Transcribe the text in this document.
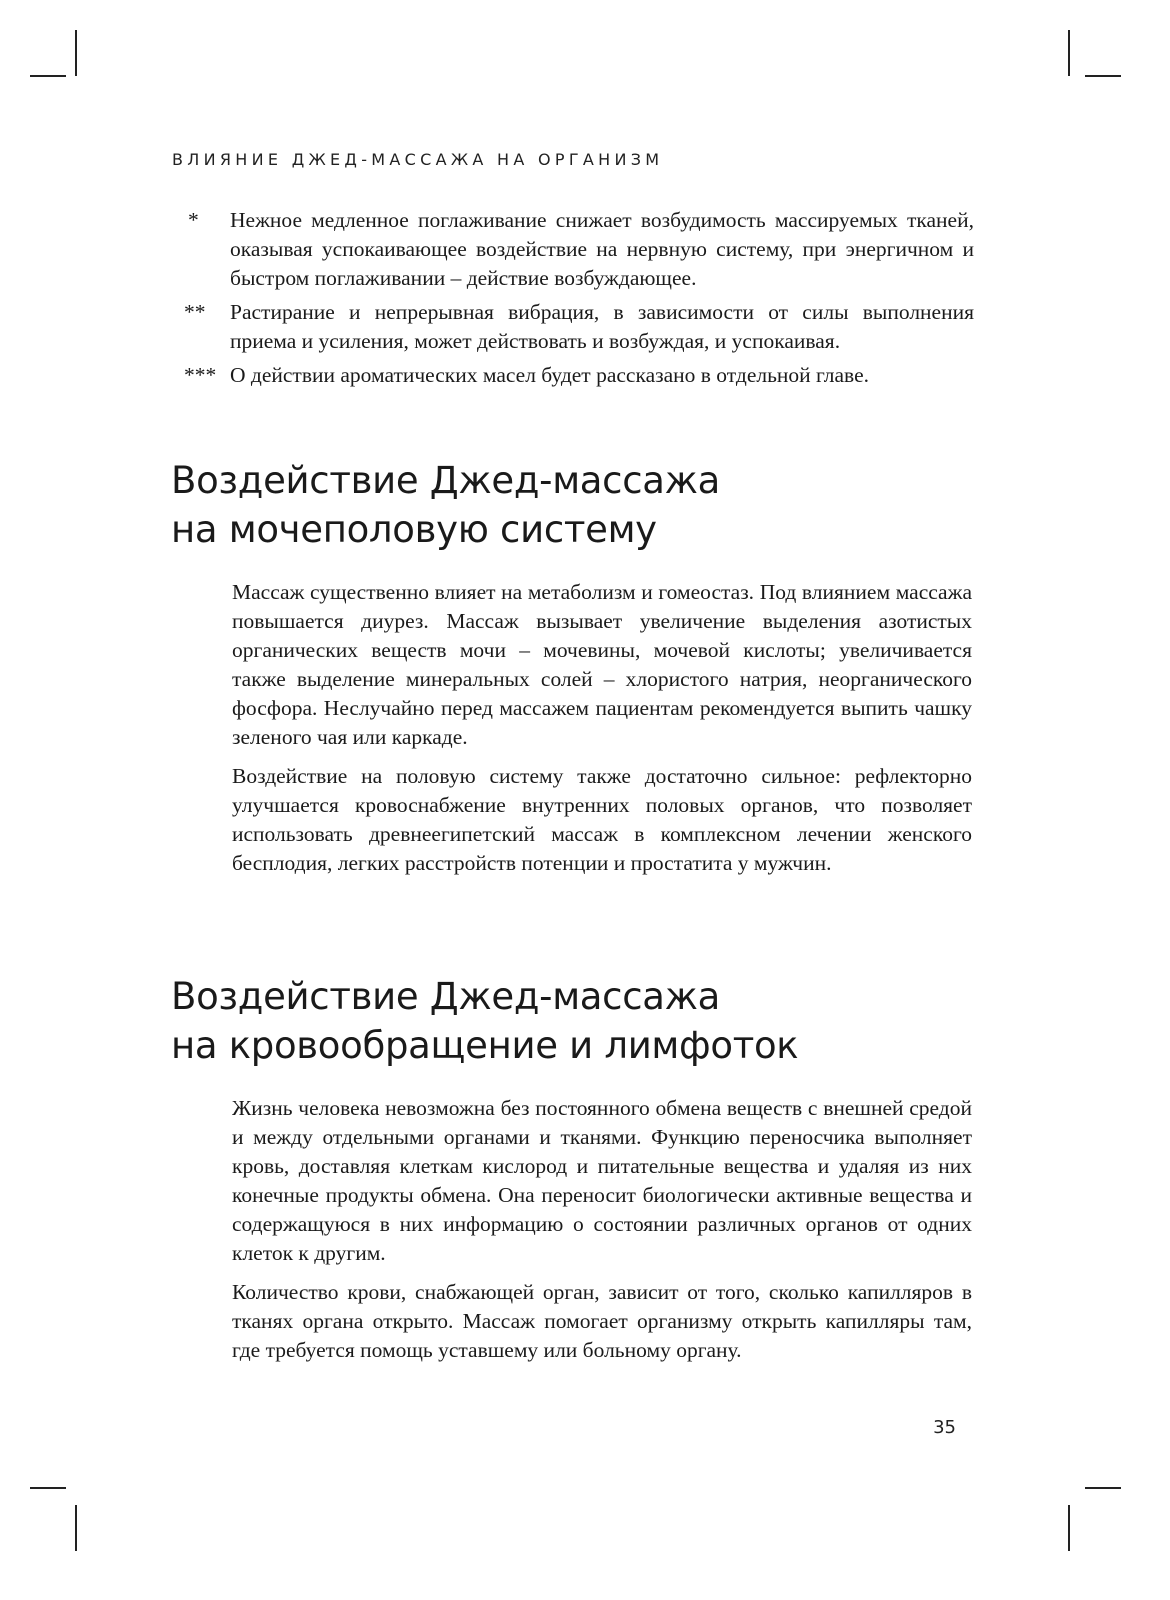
ВЛИЯНИЕ ДЖЕД-МАССАЖА НА ОРГАНИЗМ
*	Нежное медленное поглаживание снижает возбудимость массируемых тканей, оказывая успокаивающее воздействие на нервную систему, при энергичном и быстром поглаживании – действие возбуждающее.
**	Растирание и непрерывная вибрация, в зависимости от силы выполнения приема и усиления, может действовать и возбуждая, и успокаивая.
*** О действии ароматических масел будет рассказано в отдельной главе.
Воздействие Джед-массажа
на мочеполовую систему

Массаж существенно влияет на метаболизм и гомеостаз. Под влиянием массажа повышается диурез. Массаж вызывает увеличение выделения азотистых органических веществ мочи – мочевины, мочевой кислоты; увеличивается также выделение минеральных солей – хлористого натрия, неорганического фосфора. Неслучайно перед массажем пациентам рекомендуется выпить чашку зеленого чая или каркаде.

Воздействие на половую систему также достаточно сильное: рефлекторно улучшается кровоснабжение внутренних половых органов, что позволяет использовать древнеегипетский массаж в комплексном лечении женского бесплодия, легких расстройств потенции и простатита у мужчин.

Воздействие Джед-массажа
на кровообращение и лимфоток

Жизнь человека невозможна без постоянного обмена веществ с внешней средой и между отдельными органами и тканями. Функцию переносчика выполняет кровь, доставляя клеткам кислород и питательные вещества и удаляя из них конечные продукты обмена. Она переносит биологически активные вещества и содержащуюся в них информацию о состоянии различных органов от одних клеток к другим.

Количество крови, снабжающей орган, зависит от того, сколько капилляров в тканях органа открыто. Массаж помогает организму открыть капилляры там, где требуется помощь уставшему или больному органу.

35
